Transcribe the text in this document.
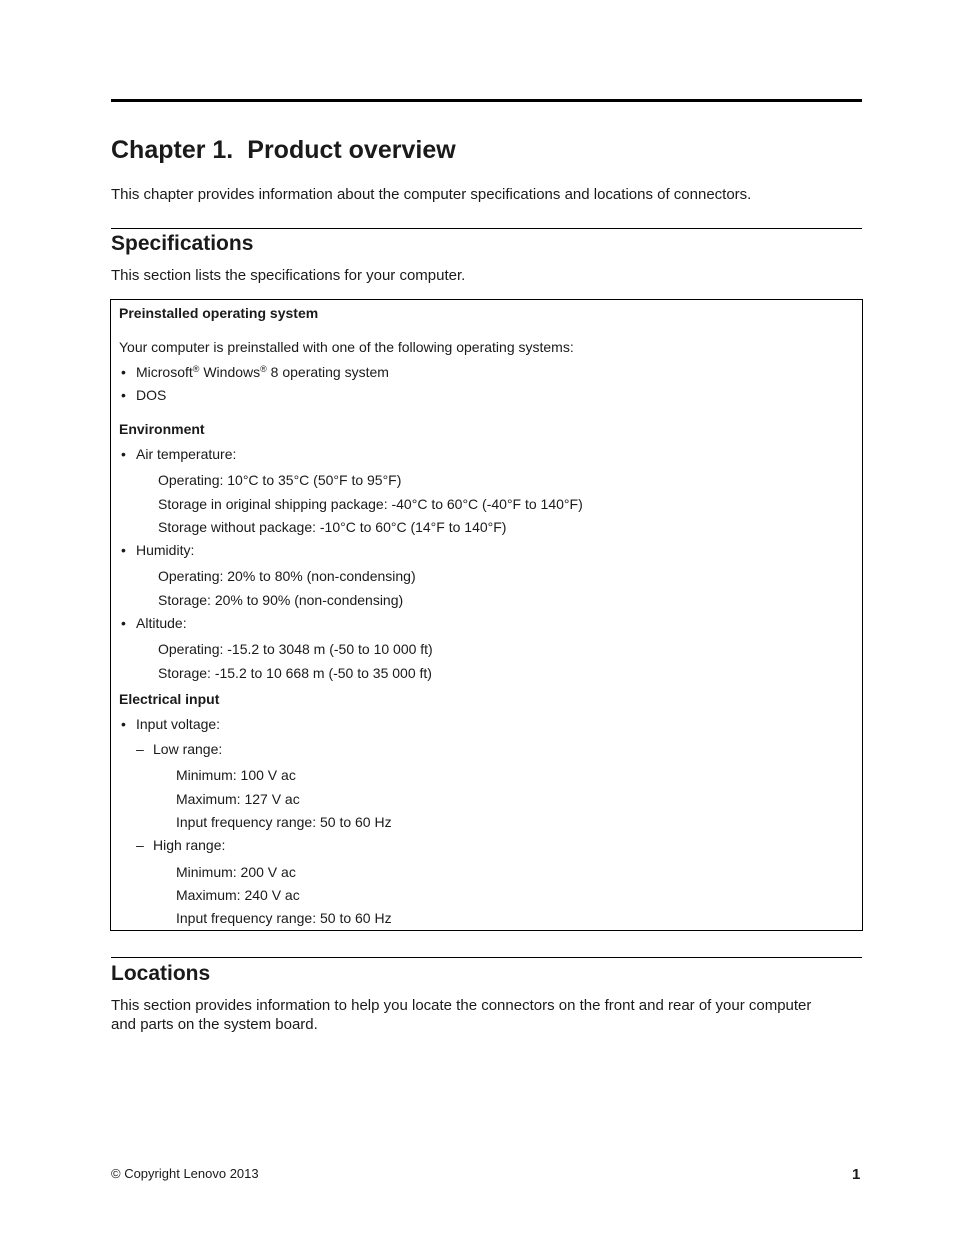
Chapter 1. Product overview

This chapter provides information about the computer specifications and locations of connectors.

Specifications

This section lists the specifications for your computer.

Preinstalled operating system
Your computer is preinstalled with one of the following operating systems:
• Microsoft® Windows® 8 operating system
• DOS
Environment
• Air temperature:
Operating: 10°C to 35°C (50°F to 95°F)
Storage in original shipping package: -40°C to 60°C (-40°F to 140°F)
Storage without package: -10°C to 60°C (14°F to 140°F)
• Humidity:
Operating: 20% to 80% (non-condensing)
Storage: 20% to 90% (non-condensing)
• Altitude:
Operating: -15.2 to 3048 m (-50 to 10 000 ft)
Storage: -15.2 to 10 668 m (-50 to 35 000 ft)
Electrical input
• Input voltage:
– Low range:
Minimum: 100 V ac
Maximum: 127 V ac
Input frequency range: 50 to 60 Hz
– High range:
Minimum: 200 V ac
Maximum: 240 V ac
Input frequency range: 50 to 60 Hz
Locations

This section provides information to help you locate the connectors on the front and rear of your computer

and parts on the system board.

© Copyright Lenovo 2013	1
